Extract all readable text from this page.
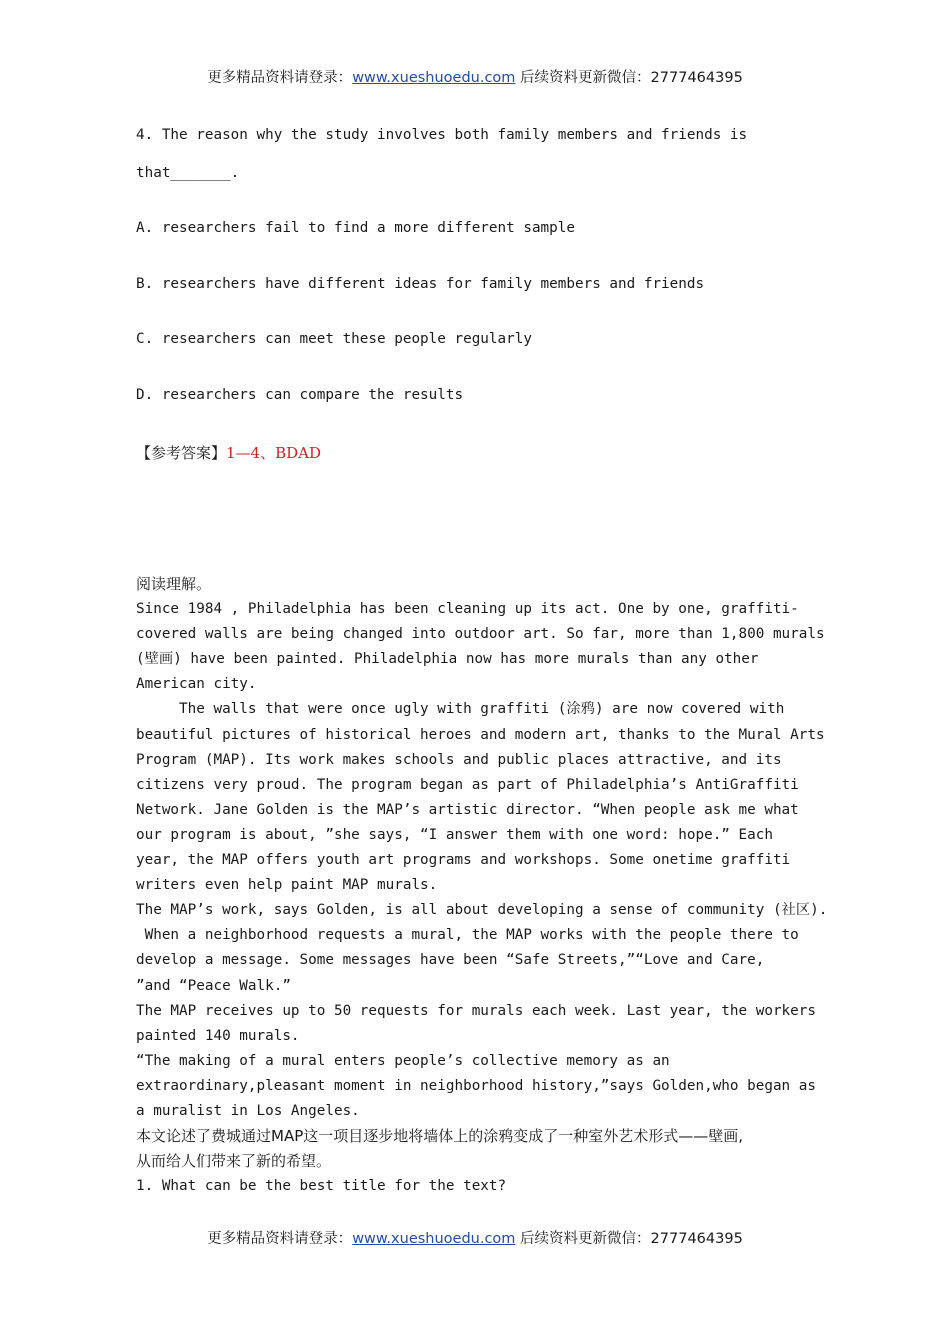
更多精品资料请登录：www.xueshuoedu.com 后续资料更新微信：2777464395
4. The reason why the study involves both family members and friends is
that_______.
A. researchers fail to find a more different sample
B. researchers have different ideas for family members and friends
C. researchers can meet these people regularly
D. researchers can compare the results
【参考答案】1—4、BDAD
阅读理解。
Since 1984 , Philadelphia has been cleaning up its act. One by one, graffiti-
covered walls are being changed into outdoor art. So far, more than 1,800 murals
(壁画) have been painted. Philadelphia now has more murals than any other
American city.
The walls that were once ugly with graffiti (涂鸦) are now covered with
beautiful pictures of historical heroes and modern art, thanks to the Mural Arts
Program (MAP). Its work makes schools and public places attractive, and its
citizens very proud. The program began as part of Philadelphia’s AntiGraffiti
Network. Jane Golden is the MAP’s artistic director. “When people ask me what
our program is about, ”she says, “I answer them with one word: hope.” Each
year, the MAP offers youth art programs and workshops. Some onetime graffiti
writers even help paint MAP murals.
The MAP’s work, says Golden, is all about developing a sense of community (社区).
When a neighborhood requests a mural, the MAP works with the people there to
develop a message. Some messages have been “Safe Streets,”“Love and Care,
”and “Peace Walk.”
The MAP receives up to 50 requests for murals each week. Last year, the workers
painted 140 murals.
“The making of a mural enters people’s collective memory as an
extraordinary,pleasant moment in neighborhood history,”says Golden,who began as
a muralist in Los Angeles.
本文论述了费城通过MAP这一项目逐步地将墙体上的涂鸦变成了一种室外艺术形式——壁画,
从而给人们带来了新的希望。
1. What can be the best title for the text?
更多精品资料请登录：www.xueshuoedu.com 后续资料更新微信：2777464395
